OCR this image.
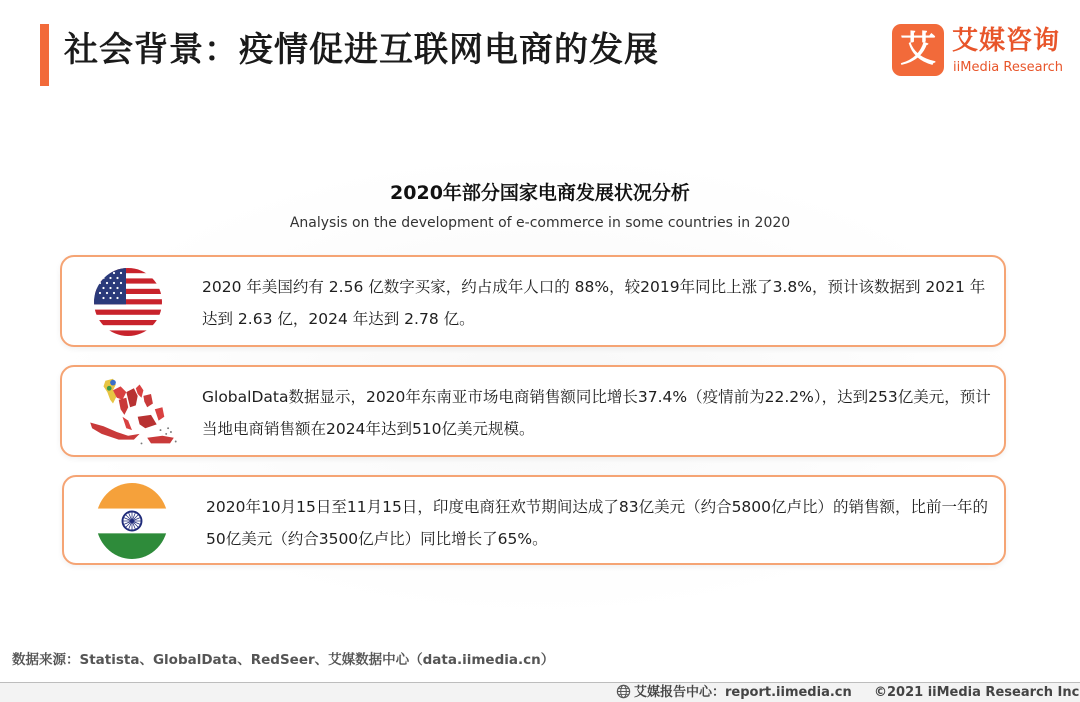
社会背景：疫情促进互联网电商的发展	艾 艾媒咨询
iiMedia Research
2020年部分国家电商发展状况分析
Analysis on the development of e-commerce in some countries in 2020
2020 年美国约有 2.56 亿数字买家，约占成年人口的 88%，较2019年同比上涨了3.8%，预计该数据到 2021 年达到 2.63 亿，2024 年达到 2.78 亿。
GlobalData数据显示，2020年东南亚市场电商销售额同比增长37.4%（疫情前为22.2%），达到253亿美元，预计当地电商销售额在2024年达到510亿美元规模。
2020年10月15日至11月15日，印度电商狂欢节期间达成了83亿美元（约合5800亿卢比）的销售额，比前一年的50亿美元（约合3500亿卢比）同比增长了65%。
数据来源：Statista、GlobalData、RedSeer、艾媒数据中心（data.iimedia.cn）
艾媒报告中心：report.iimedia.cn ©2021 iiMedia Research Inc
